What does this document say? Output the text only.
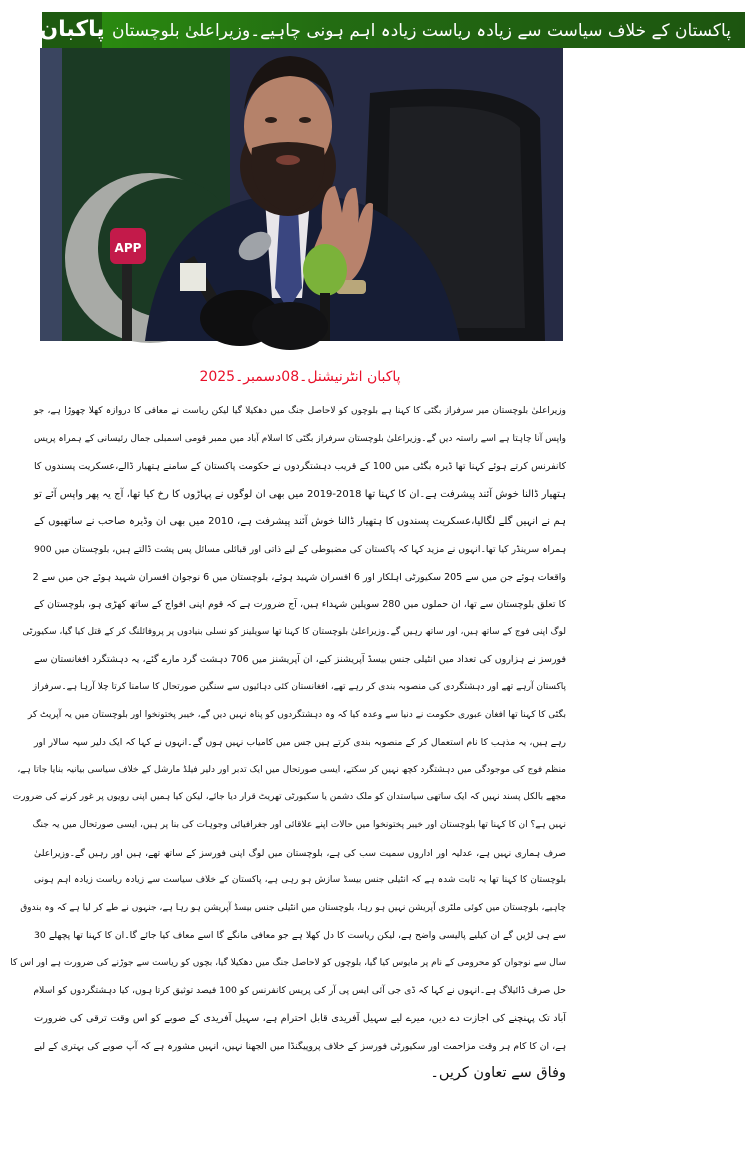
پاکبان پاکستان کے خلاف سیاست سے زیادہ ریاست زیادہ اہم ہونی چاہیے۔وزیراعلیٰ بلوچستان
APP
پاکبان انٹرنیشنل۔08دسمبر۔2025
وزیراعلیٰ بلوچستان میر سرفراز بگٹی کا کہنا ہے بلوچوں کو لاحاصل جنگ میں دھکیلا گیا لیکن ریاست نے معافی کا دروازہ کھلا چھوڑا ہے، جو
واپس آنا چاہتا ہے اسے راستہ دیں گے۔وزیراعلیٰ بلوچستان سرفراز بگٹی کا اسلام آباد میں ممبر قومی اسمبلی جمال رئیسانی کے ہمراہ پریس
کانفرنس کرتے ہوئے کہنا تھا ڈیرہ بگٹی میں 100 کے قریب دہشتگردوں نے حکومت پاکستان کے سامنے ہتھیار ڈالے،عسکریت پسندوں کا
ہتھیار ڈالنا خوش آئند پیشرفت ہے۔ان کا کہنا تھا 2018-2019 میں بھی ان لوگوں نے پہاڑوں کا رخ کیا تھا، آج یہ پھر واپس آئے تو
ہم نے انہیں گلے لگالیا،عسکریت پسندوں کا ہتھیار ڈالنا خوش آئند پیشرفت ہے، 2010 میں بھی ان وڈیرہ صاحب نے ساتھیوں کے
ہمراہ سرینڈر کیا تھا۔انہوں نے مزید کہا کہ پاکستان کی مضبوطی کے لیے ذاتی اور قبائلی مسائل پس پشت ڈالتے ہیں، بلوچستان میں 900
واقعات ہوئے جن میں سے 205 سکیورٹی اہلکار اور 6 افسران شہید ہوئے، بلوچستان میں 6 نوجوان افسران شہید ہوئے جن میں سے 2
کا تعلق بلوچستان سے تھا، ان حملوں میں 280 سویلین شہداء ہیں، آج ضرورت ہے کہ قوم اپنی افواج کے ساتھ کھڑی ہو، بلوچستان کے
لوگ اپنی فوج کے ساتھ ہیں، اور ساتھ رہیں گے۔وزیراعلیٰ بلوچستان کا کہنا تھا سویلینز کو نسلی بنیادوں پر پروفائلنگ کر کے قتل کیا گیا، سکیورٹی
فورسز نے ہزاروں کی تعداد میں انٹیلی جنس بیسڈ آپریشنز کیے، ان آپریشنز میں 706 دہشت گرد مارے گئے، یہ دہشتگرد افغانستان سے
پاکستان آرہے تھے اور دہشتگردی کی منصوبہ بندی کر رہے تھے، افغانستان کئی دہائیوں سے سنگین صورتحال کا سامنا کرتا چلا آرہا ہے۔سرفراز
بگٹی کا کہنا تھا افغان عبوری حکومت نے دنیا سے وعدہ کیا کہ وہ دہشتگردوں کو پناہ نہیں دیں گے، خیبر پختونخوا اور بلوچستان میں یہ آپریٹ کر
رہے ہیں، یہ مذہب کا نام استعمال کر کے منصوبہ بندی کرتے ہیں جس میں کامیاب نہیں ہوں گے۔انہوں نے کہا کہ ایک دلیر سپہ سالار اور
منظم فوج کی موجودگی میں دہشتگرد کچھ نہیں کر سکتے، ایسی صورتحال میں ایک تدبر اور دلیر فیلڈ مارشل کے خلاف سیاسی بیانیہ بنایا جاتا ہے،
مجھے بالکل پسند نہیں کہ ایک ساتھی سیاستدان کو ملک دشمن یا سکیورٹی تھریٹ قرار دیا جائے، لیکن کیا ہمیں اپنی رویوں پر غور کرنے کی ضرورت
نہیں ہے؟ ان کا کہنا تھا بلوچستان اور خیبر پختونخوا میں حالات اپنے علاقائی اور جغرافیائی وجوہات کی بنا پر ہیں، ایسی صورتحال میں یہ جنگ
صرف ہماری نہیں ہے، عدلیہ اور اداروں سمیت سب کی ہے، بلوچستان میں لوگ اپنی فورسز کے ساتھ تھے، ہیں اور رہیں گے۔وزیراعلیٰ
بلوچستان کا کہنا تھا یہ ثابت شدہ ہے کہ انٹیلی جنس بیسڈ سازش ہو رہی ہے، پاکستان کے خلاف سیاست سے زیادہ ریاست زیادہ اہم ہونی
چاہیے، بلوچستان میں کوئی ملٹری آپریشن نہیں ہو رہا، بلوچستان میں انٹیلی جنس بیسڈ آپریشن ہو رہا ہے، جنہوں نے طے کر لیا ہے کہ وہ بندوق
سے ہی لڑیں گے ان کیلیے پالیسی واضح ہے، لیکن ریاست کا دل کھلا ہے جو معافی مانگے گا اسے معاف کیا جائے گا۔ان کا کہنا تھا پچھلے 30
سال سے نوجوان کو محرومی کے نام پر مایوس کیا گیا، بلوچوں کو لاحاصل جنگ میں دھکیلا گیا، بچوں کو ریاست سے جوڑنے کی ضرورت ہے اور اس کا
حل صرف ڈائیلاگ ہے۔انہوں نے کہا کہ ڈی جی آئی ایس پی آر کی پریس کانفرنس کو 100 فیصد توثیق کرتا ہوں، کیا دہشتگردوں کو اسلام
آباد تک پہنچنے کی اجازت دے دیں، میرے لیے سہیل آفریدی قابل احترام ہے، سہیل آفریدی کے صوبے کو اس وقت ترقی کی ضرورت
ہے، ان کا کام ہر وقت مزاحمت اور سکیورٹی فورسز کے خلاف پروپیگنڈا میں الجھنا نہیں، انہیں مشورہ ہے کہ آپ صوبے کی بہتری کے لیے
وفاق سے تعاون کریں۔
